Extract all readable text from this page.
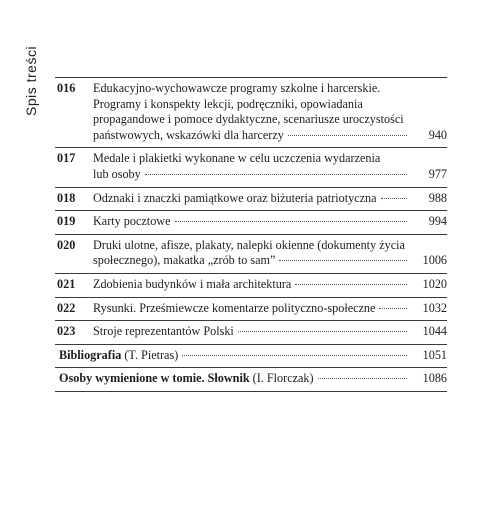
Spis treści 016	Edukacyjno-wychowawcze programy szkolne i harcerskie.
Programy i konspekty lekcji, podręczniki, opowiadania
propagandowe i pomoce dydaktyczne, scenariusze uroczystości
państwowych, wskazówki dla harcerzy	940
017	Medale i plakietki wykonane w celu uczczenia wydarzenia
lub osoby	977
018	Odznaki i znaczki pamiątkowe oraz biżuteria patriotyczna	988
019	Karty pocztowe	994
020	Druki ulotne, afisze, plakaty, nalepki okienne (dokumenty życia
społecznego), makatka „zrób to sam”	1006
021	Zdobienia budynków i mała architektura	1020
022	Rysunki. Prześmiewcze komentarze polityczno-społeczne	1032
023	Stroje reprezentantów Polski	1044
Bibliografia (T. Pietras)	1051
Osoby wymienione w tomie. Słownik (I. Florczak)	1086
